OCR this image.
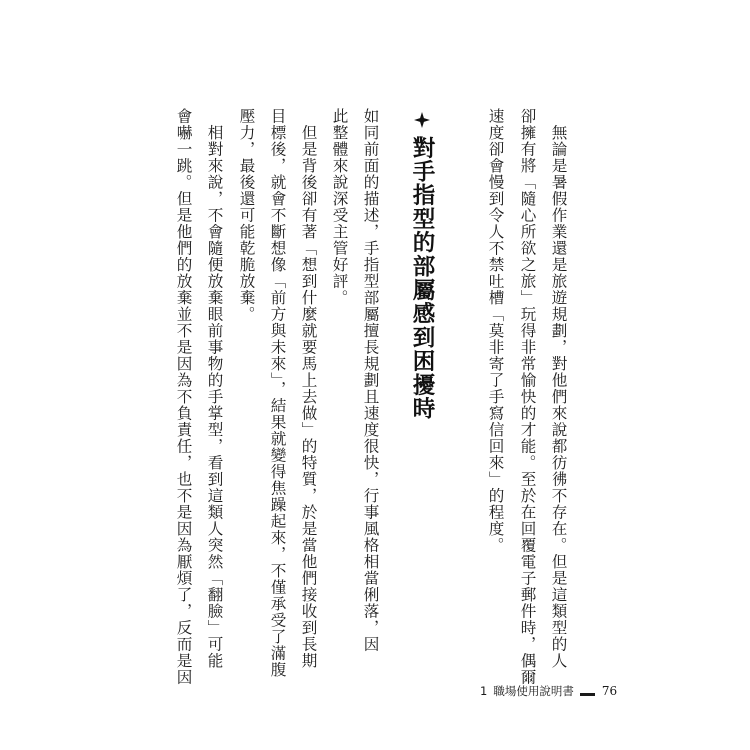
　無論是暑假作業還是旅遊規劃，對他們來說都彷彿不存在。但是這類型的人
卻擁有將「隨心所欲之旅」玩得非常愉快的才能。至於在回覆電子郵件時，偶爾
速度卻會慢到令人不禁吐槽「莫非寄了手寫信回來」的程度。
對手指型的部屬感到困擾時
如同前面的描述，手指型部屬擅長規劃且速度很快，行事風格相當俐落，因
此整體來說深受主管好評。
　但是背後卻有著「想到什麼就要馬上去做」的特質，於是當他們接收到長期
目標後，就會不斷想像「前方與未來」，結果就變得焦躁起來，不僅承受了滿腹
壓力，最後還可能乾脆放棄。
　相對來說，不會隨便放棄眼前事物的手掌型，看到這類人突然「翻臉」可能
會嚇一跳。但是他們的放棄並不是因為不負責任，也不是因為厭煩了，反而是因
1 職場使用說明書 76
